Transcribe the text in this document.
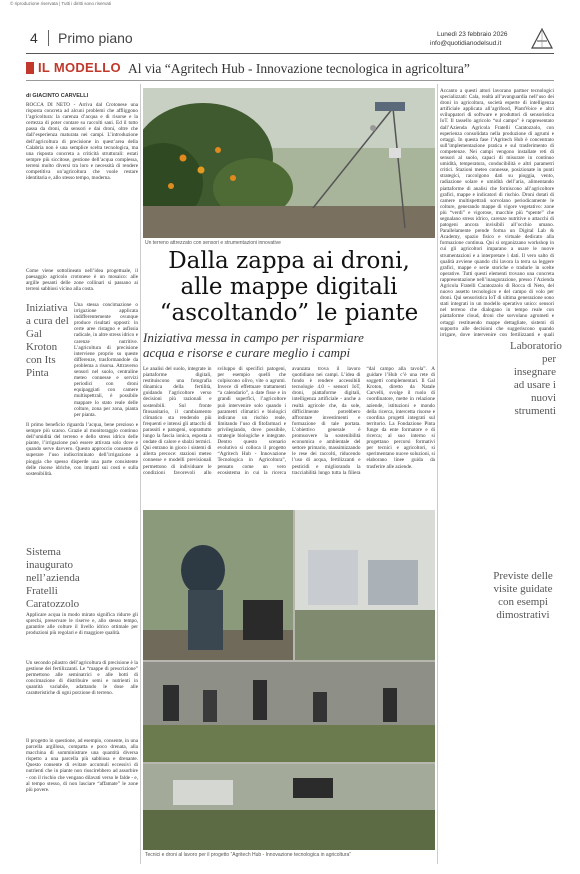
© riproduzione riservata | Tutti i diritti sono riservati
4 Primo piano	Lunedì 23 febbraio 2026
info@quotidianodelsud.it
IL MODELLO Al via “Agritech Hub - Innovazione tecnologica in agricoltura”
di GIACINTO CARVELLI
Un terreno attrezzato con sensori e strumentazioni innovative
Dalla zappa ai droni,
alle mappe digitali
“ascoltando” le piante
Iniziativa messa in campo per risparmiare
acqua e risorse e curare meglio i campi
ROCCA DI NETO - Arriva dal Crotonese una risposta concreta ad alcuni problemi che affliggono l’agricoltura: la carenza d’acqua e di risorse e la certezza di poter contare su raccolti sani. Ed il tutto passa da droni, da sensori e dai droni, oltre che dall’esperienza maturata nei campi. L’introduzione dell’agricoltura di precisione in quest’area della Calabria non è una semplice scelta tecnologica, ma una risposta concreta a criticità strutturali: estati sempre più siccitose, gestione dell’acqua complessa, terreni molto diversi tra loro e necessità di rendere competitiva un’agricoltura che vuole restare identitaria e, allo stesso tempo, moderna.
Come viene sottolineato nell’idea progettuale, il paesaggio agricolo crotonese è un mosaico: alle argille pesanti delle zone collinari si passano ai terreni sabbiosi vicino alla costa.
Iniziativa a cura del Gal Kroton con Its Pinta
Una stessa concimazione o irrigazione applicata indifferentemente ovunque produce risultati opposti: in certe aree ristagno e asfissia radicale, in altre stress idrico e carenze nutritive. L’agricoltura di precisione interviene proprio su queste differenze, trasformandole da problema a risorsa. Attraverso sensori nel suolo, centraline meteo connesse e servizi periodici con droni equipaggiati con camere multispettrali, è possibile mappare lo stato reale delle colture, zona per zona, pianta per pianta.
Il primo beneficio riguarda l’acqua, bene prezioso e sempre più scarso. Grazie al monitoraggio continuo dell’umidità del terreno e dello stress idrico delle piante, l’irrigazione può essere attivata solo dove e quando serve davvero. Questo approccio consente di superare l’uso indiscriminato dell’irrigazione a pioggia che spesso disperde una parte consistente delle risorse idriche, con impatti sui costi e sulla sostenibilità.
Sistema inaugurato nell’azienda Fratelli Caratozzolo
Applicare acqua in modo mirato significa ridurre gli sprechi, preservare le riserve e, allo stesso tempo, garantire alle colture il livello idrico ottimale per produzioni più regolari e di maggiore qualità.
Un secondo pilastro dell’agricoltura di precisione è la gestione dei fertilizzanti. Le “mappe di prescrizione” permettono alle seminatrici e alle botti di concimazione di distribuire semi e nutrienti in quantità variabile, adattando le dose alle caratteristiche di ogni porzione di terreno.
Il progetto in questione, ad esempio, consente, in una parcella argillosa, compatta e poco drenata, alla macchina di somministrare una quantità diversa rispetto a una parcella più sabbiosa e drenante. Questo consente di evitare accumuli eccessivi di nutrienti che in piante non riuscirebbero ad assorbire - con il rischio che vengano dilavati verso le falde - e, al tempo stesso, di non lasciare “affamate” le zone più povere.
Le analisi del suolo, integrate in piattaforme digitali, restituiscono una fotografia dinamica della fertilità, guidando l’agricoltore verso decisioni più razionali e sostenibili. Sul fronte fitosanitario, il cambiamento climatico sta rendendo più frequenti e intensi gli attacchi di parassiti e patogeni, soprattutto lungo la fascia ionica, esposta a ondate di calore e sbalzi termici. Qui entrano in gioco i sistemi di allerta precoce: stazioni meteo connesse e modelli previsionali permettono di individuare le condizioni favorevoli allo sviluppo di specifici patogeni, per esempio quelli che colpiscono olivo, vite o agrumi. Invece di effettuare trattamenti “a calendario”, a date fisse e in grandi superfici, l’agricoltore può intervenire solo quando i parametri climatici e biologici indicano un rischio reale, limitando l’uso di fitofarmaci e privilegiando, dove possibile, strategie biologiche e integrate. Dentro questo scenario evolutivo si colloca il progetto “Agritech Hub - Innovazione Tecnologica in Agricoltura”, pensato come un vero ecosistema in cui la ricerca avanzata trova il lavoro quotidiano nei campi. L’idea di fondo è rendere accessibili tecnologie 4.0 - sensori IoT, droni, piattaforme digitali, intelligenza artificiale - anche a realtà agricole che, da sole, difficilmente potrebbero affrontare investimenti e formazione di tale portata. L’obiettivo generale è promuovere la sostenibilità economica e ambientale del settore primario, massimizzando le rese dei raccolti, riducendo l’uso di acqua, fertilizzanti e pesticidi e migliorando la tracciabilità lungo tutta la filiera “dal campo alla tavola”. A guidare l’Hub c’è una rete di soggetti complementari. Il Gal Kroton, diretto da Natale Carvelli, svolge il ruolo di coordinatore, mette in relazione aziende, istituzioni e mondo della ricerca, intercetta risorse e coordina progetti integrati sul territorio. La Fondazione Pinta funge da ente formatore e di ricerca; al suo interno si progettano percorsi formativi per tecnici e agricoltori, si sperimentano nuove soluzioni, si elaborano linee guida da trasferire alle aziende.
Tecnici e droni al lavoro per il progetto “Agritech Hub - Innovazione tecnologica in agricoltura”
Accanto a questi attori lavorano partner tecnologici specializzati: Cala, realtà all’avanguardia nell’uso dei droni in agricoltura, società esperte di intelligenza artificiale applicata all’agrifood, PlantVoice e altri sviluppatori di software e produttori di sensoristica IoT. Il tassello agricolo “sul campo” è rappresentato dall’Azienda Agricola Fratelli Caratozzolo, con esperienza consolidata nella produzione di agrumi e ortaggi. In questa fase l’Agritech Hub è concentrato sull’implementazione pratica e sul trasferimento di competenze. Nei campi vengono installate reti di sensori al suolo, capaci di misurare in continuo umidità, temperatura, conducibilità e altri parametri critici. Stazioni meteo connesse, posizionate in punti strategici, raccolgono dati su pioggia, vento, radiazione solare e umidità dell’aria, alimentando piattaforme di analisi che forniscono all’agricoltore grafici, mappe e indicatori di rischio. Droni dotati di camere multispettrali sorvolano periodicamente le colture, generando mappe di vigore vegetativo: zone più “verdi” e vigorose, macchie più “spente” che segnalano stress idrico, carenze nutritive o attacchi di patogeni ancora invisibili all’occhio umano. Parallelamente prende forma un Digital Lab & Academy, spazio fisico e virtuale dedicato alla formazione continua. Qui si organizzano workshop in cui gli agricoltori imparano a usare le nuove strumentazioni e a interpretare i dati. Il vero salto di qualità avviene quando chi lavora la terra sa leggere grafici, mappe e serie storiche e tradurle in scelte operative. Tutti questi elementi trovano una concreta rappresentazione nell’inaugurazione, presso l’Azienda Agricola Fratelli Caratozzolo di Rocca di Neto, del nuovo assetto tecnologico e del campo di volo per droni. Qui sensoristica IoT di ultima generazione sono stati integrati in un modello operativo unico: sensori nel terreno che dialogano in tempo reale con piattaforme cloud, droni che sorvolano agrumeti e ortaggi restituendo mappe dettagliate, sistemi di supporto alle decisioni che suggeriscono quando irrigare, dove intervenire con fertilizzanti e quali
Laboratorio per insegnare ad usare i nuovi strumenti
Previste delle visite guidate con esempi dimostrativi
